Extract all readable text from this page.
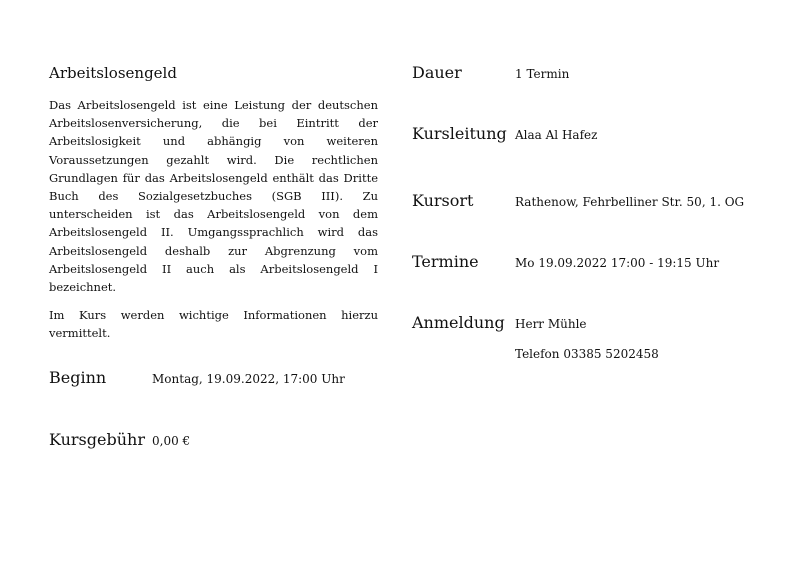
Arbeitslosengeld

Das Arbeitslosengeld ist eine Leistung der deutschen Arbeitslosenversicherung, die bei Eintritt der Arbeitslosigkeit und abhängig von weiteren Voraussetzungen gezahlt wird. Die rechtlichen Grundlagen für das Arbeitslosengeld enthält das Dritte Buch des Sozialgesetzbuches (SGB III). Zu unterscheiden ist das Arbeitslosengeld von dem Arbeitslosengeld II. Umgangssprachlich wird das Arbeitslosengeld deshalb zur Abgrenzung vom Arbeitslosengeld II auch als Arbeitslosengeld I bezeichnet.

Im Kurs werden wichtige Informationen hierzu vermittelt.

Beginn	Montag, 19.09.2022, 17:00 Uhr
Kursgebühr 0,00 €
Dauer	1 Termin
Kursleitung Alaa Al Hafez
Kursort	Rathenow, Fehrbelliner Str. 50, 1. OG
Termine	Mo 19.09.2022 17:00 - 19:15 Uhr
Anmeldung Herr Mühle
Telefon 03385 5202458
